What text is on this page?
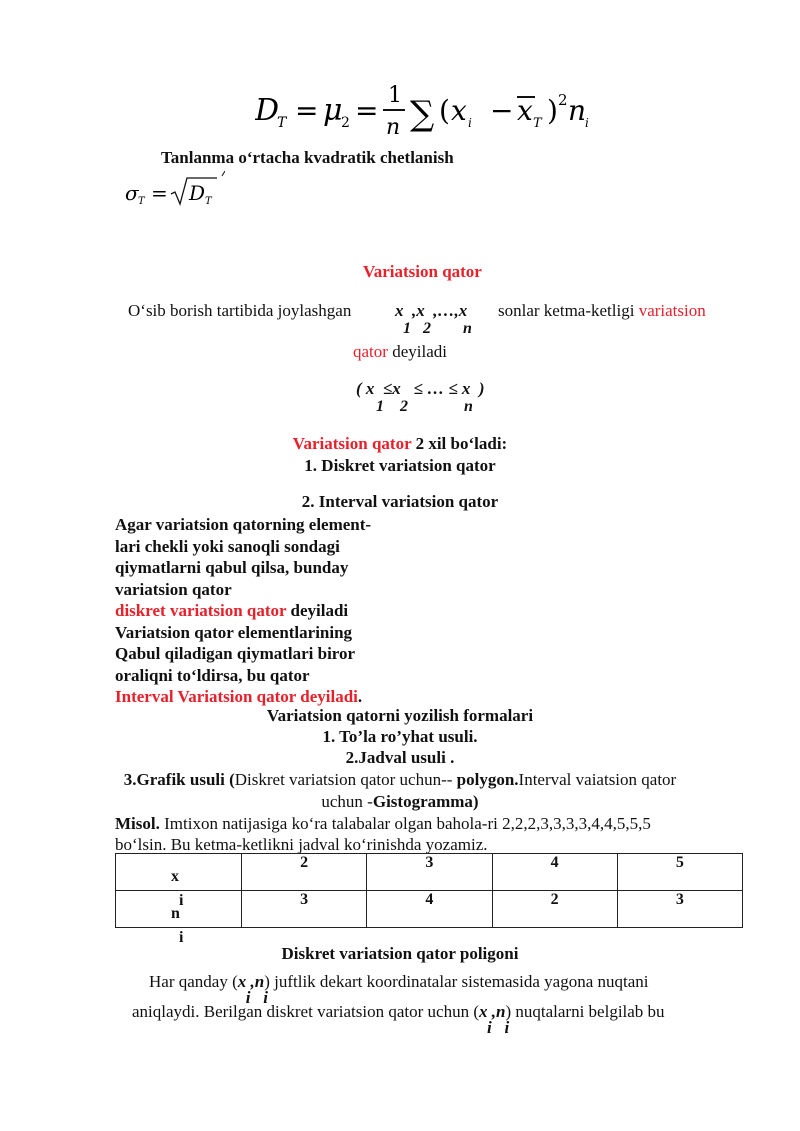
D
T = μ
2 = 1
n ∑ ( x i − x T ) 2 n
i
Tanlanma o‘rtacha kvadratik chetlanish
σ T = D T
Variatsion qator
O‘sib borish tartibida joylashgan	x  ,x  ,…,x
1   2        n
sonlar ketma-ketligi variatsion
qator deyiladi
( x  ≤x   ≤ … ≤ x  )
1    2              n
Variatsion qator 2 xil bo‘ladi:
1. Diskret variatsion qator
2. Interval variatsion qator
Agar variatsion qatorning element-
lari chekli yoki sanoqli sondagi
qiymatlarni qabul qilsa, bunday
variatsion qator
diskret variatsion qator deyiladi
Variatsion qator elementlarining
Qabul qiladigan qiymatlari biror
oraliqni to‘ldirsa, bu qator
Interval Variatsion qator deyiladi.
Variatsion qatorni yozilish formalari
1. To’la ro’yhat usuli.
2.Jadval usuli .
3.Grafik usuli (Diskret variatsion qator uchun-- polygon.Interval vaiatsion qator
uchun -Gistogramma)
Misol. Imtixon natijasiga ko‘ra talabalar olgan bahola-ri 2,2,2,3,3,3,3,4,4,5,5,5
bo‘lsin. Bu ketma-ketlikni jadval ko‘rinishda yozamiz.
x
i	2	3	4	5

n
i	3	4	2	3
Diskret variatsion qator poligoni
Har qanday (x ,n
i   i
) juftlik dekart koordinatalar sistemasida yagona nuqtani
aniqlaydi. Berilgan diskret variatsion qator uchun (x ,n
i   i
) nuqtalarni belgilab bu
